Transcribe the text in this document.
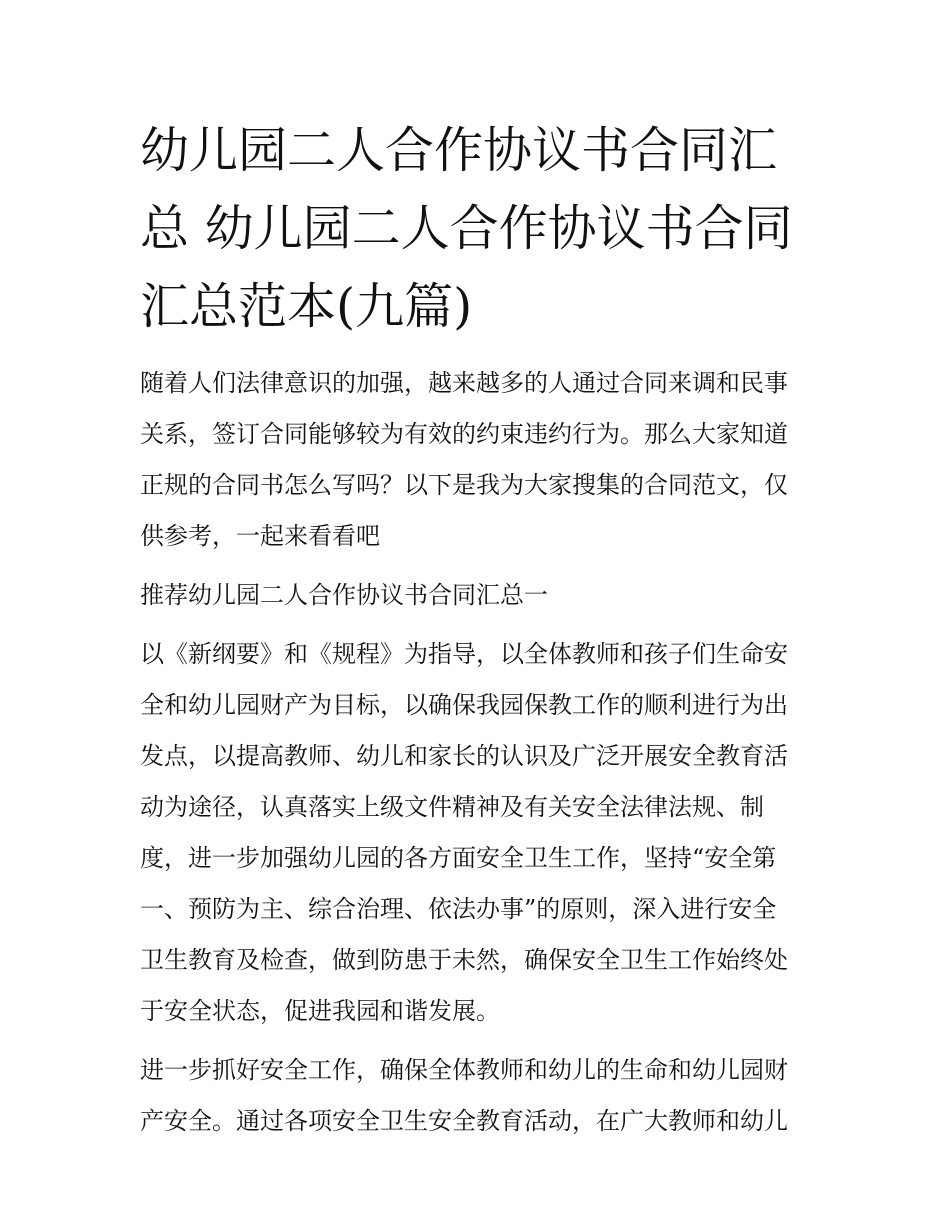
幼儿园二人合作协议书合同汇
总 幼儿园二人合作协议书合同
汇总范本(九篇)

随着人们法律意识的加强，越来越多的人通过合同来调和民事
关系，签订合同能够较为有效的约束违约行为。那么大家知道
正规的合同书怎么写吗？以下是我为大家搜集的合同范文，仅
供参考，一起来看看吧

推荐幼儿园二人合作协议书合同汇总一

以《新纲要》和《规程》为指导，以全体教师和孩子们生命安
全和幼儿园财产为目标，以确保我园保教工作的顺利进行为出
发点，以提高教师、幼儿和家长的认识及广泛开展安全教育活
动为途径，认真落实上级文件精神及有关安全法律法规、制
度，进一步加强幼儿园的各方面安全卫生工作，坚持“安全第
一、预防为主、综合治理、依法办事”的原则，深入进行安全
卫生教育及检查，做到防患于未然，确保安全卫生工作始终处
于安全状态，促进我园和谐发展。

进一步抓好安全工作，确保全体教师和幼儿的生命和幼儿园财
产安全。通过各项安全卫生安全教育活动，在广大教师和幼儿
